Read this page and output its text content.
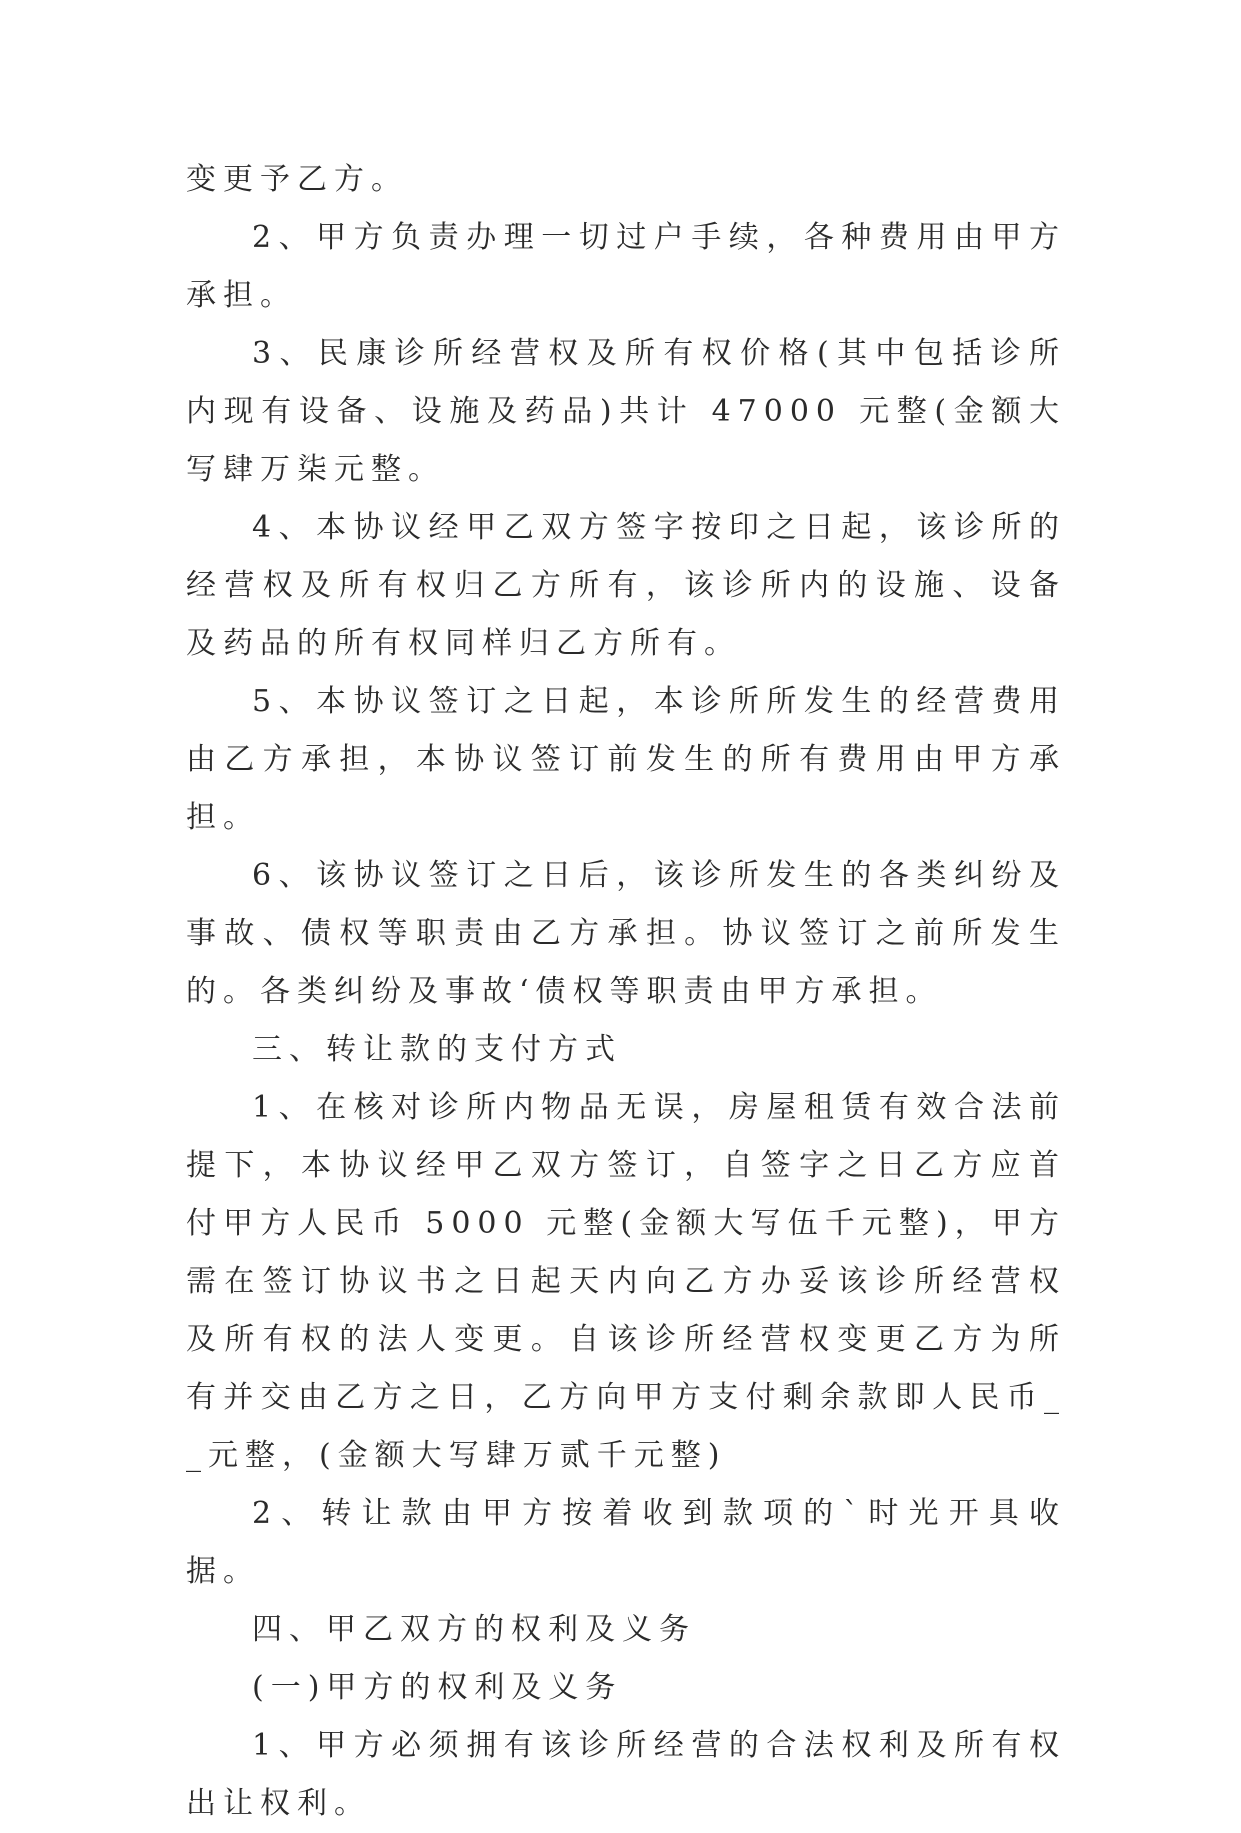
变更予乙方。

2、甲方负责办理一切过户手续，各种费用由甲方承担。

3、民康诊所经营权及所有权价格(其中包括诊所内现有设备、设施及药品)共计 47000 元整(金额大写肆万柒元整。

4、本协议经甲乙双方签字按印之日起，该诊所的经营权及所有权归乙方所有，该诊所内的设施、设备及药品的所有权同样归乙方所有。

5、本协议签订之日起，本诊所所发生的经营费用由乙方承担，本协议签订前发生的所有费用由甲方承担。

6、该协议签订之日后，该诊所发生的各类纠纷及事故、债权等职责由乙方承担。协议签订之前所发生的。各类纠纷及事故‘债权等职责由甲方承担。

三、转让款的支付方式

1、在核对诊所内物品无误，房屋租赁有效合法前提下，本协议经甲乙双方签订，自签字之日乙方应首付甲方人民币 5000 元整(金额大写伍千元整)，甲方需在签订协议书之日起天内向乙方办妥该诊所经营权及所有权的法人变更。自该诊所经营权变更乙方为所有并交由乙方之日，乙方向甲方支付剩余款即人民币__元整，(金额大写肆万贰千元整)

2、转让款由甲方按着收到款项的`时光开具收据。

四、甲乙双方的权利及义务

(一)甲方的权利及义务

1、甲方必须拥有该诊所经营的合法权利及所有权出让权利。
